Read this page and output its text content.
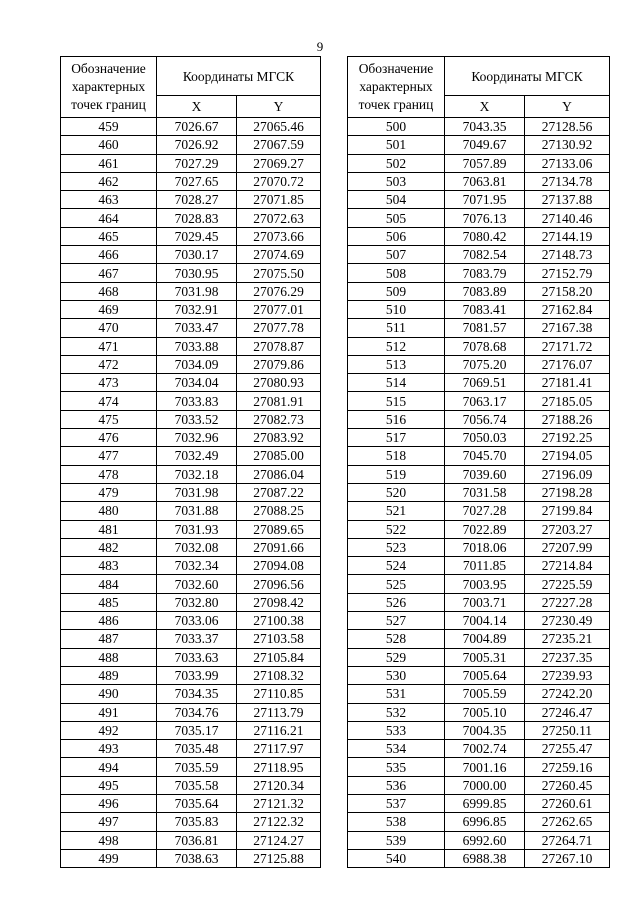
9
Обозначение характерных точек границ	Координаты МГСК	
	X	Y
459	7026.67	27065.46
460	7026.92	27067.59
461	7027.29	27069.27
462	7027.65	27070.72
463	7028.27	27071.85
464	7028.83	27072.63
465	7029.45	27073.66
466	7030.17	27074.69
467	7030.95	27075.50
468	7031.98	27076.29
469	7032.91	27077.01
470	7033.47	27077.78
471	7033.88	27078.87
472	7034.09	27079.86
473	7034.04	27080.93
474	7033.83	27081.91
475	7033.52	27082.73
476	7032.96	27083.92
477	7032.49	27085.00
478	7032.18	27086.04
479	7031.98	27087.22
480	7031.88	27088.25
481	7031.93	27089.65
482	7032.08	27091.66
483	7032.34	27094.08
484	7032.60	27096.56
485	7032.80	27098.42
486	7033.06	27100.38
487	7033.37	27103.58
488	7033.63	27105.84
489	7033.99	27108.32
490	7034.35	27110.85
491	7034.76	27113.79
492	7035.17	27116.21
493	7035.48	27117.97
494	7035.59	27118.95
495	7035.58	27120.34
496	7035.64	27121.32
497	7035.83	27122.32
498	7036.81	27124.27
499	7038.63	27125.88
Обозначение характерных точек границ	Координаты МГСК	
	X	Y
500	7043.35	27128.56
501	7049.67	27130.92
502	7057.89	27133.06
503	7063.81	27134.78
504	7071.95	27137.88
505	7076.13	27140.46
506	7080.42	27144.19
507	7082.54	27148.73
508	7083.79	27152.79
509	7083.89	27158.20
510	7083.41	27162.84
511	7081.57	27167.38
512	7078.68	27171.72
513	7075.20	27176.07
514	7069.51	27181.41
515	7063.17	27185.05
516	7056.74	27188.26
517	7050.03	27192.25
518	7045.70	27194.05
519	7039.60	27196.09
520	7031.58	27198.28
521	7027.28	27199.84
522	7022.89	27203.27
523	7018.06	27207.99
524	7011.85	27214.84
525	7003.95	27225.59
526	7003.71	27227.28
527	7004.14	27230.49
528	7004.89	27235.21
529	7005.31	27237.35
530	7005.64	27239.93
531	7005.59	27242.20
532	7005.10	27246.47
533	7004.35	27250.11
534	7002.74	27255.47
535	7001.16	27259.16
536	7000.00	27260.45
537	6999.85	27260.61
538	6996.85	27262.65
539	6992.60	27264.71
540	6988.38	27267.10
